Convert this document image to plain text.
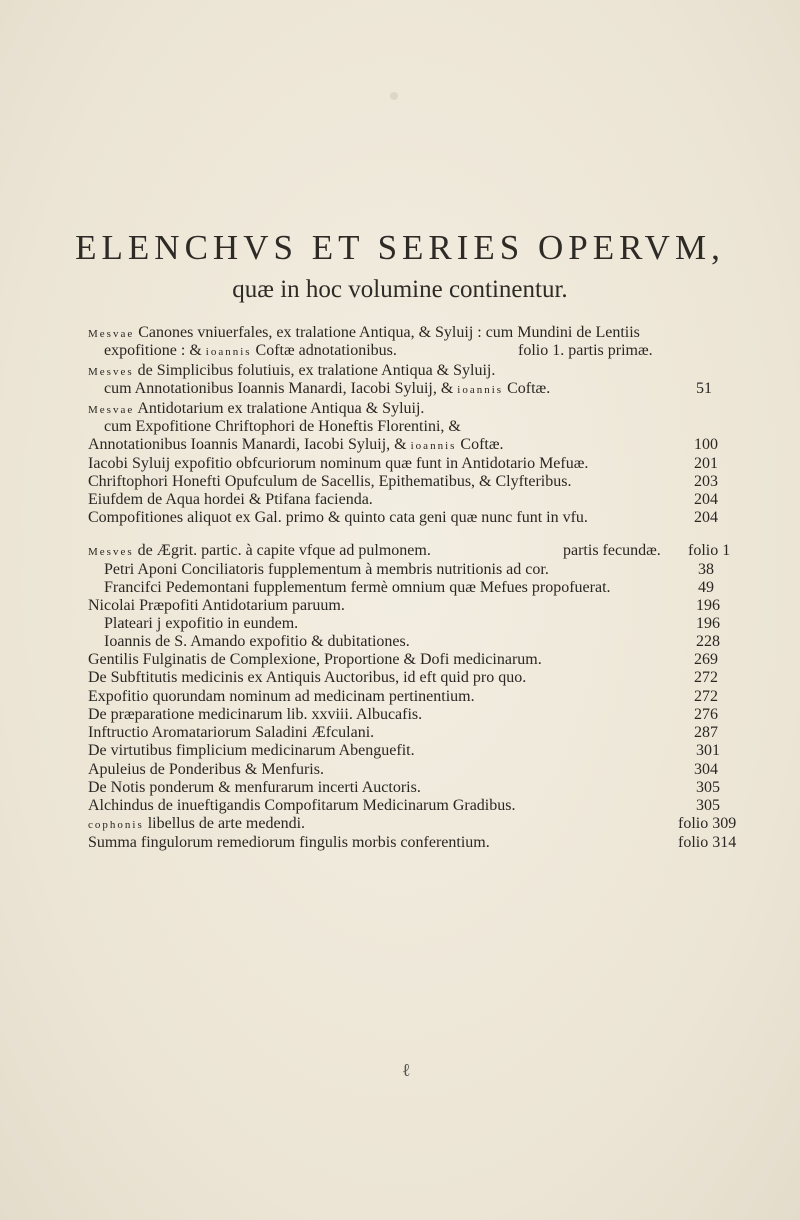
ELENCHVS ET SERIES OPERVM,
quæ in hoc volumine continentur.
Mesvae Canones vniuerfales, ex tralatione Antiqua, & Syluij : cum Mundini de Lentiis
expofitione : & ioannis Coftæ adnotationibus.	folio 1. partis primæ.
Mesves de Simplicibus folutiuis, ex tralatione Antiqua & Syluij.
cum Annotationibus Ioannis Manardi, Iacobi Syluij, & ioannis Coftæ.	51
Mesvae Antidotarium ex tralatione Antiqua & Syluij.
cum Expofitione Chriftophori de Honeftis Florentini, &
Annotationibus Ioannis Manardi, Iacobi Syluij, & ioannis Coftæ.	100
Iacobi Syluij expofitio obfcuriorum nominum quæ funt in Antidotario Mefuæ.	201
Chriftophori Honefti Opufculum de Sacellis, Epithematibus, & Clyfteribus.	203
Eiufdem de Aqua hordei & Ptifana facienda.	204
Compofitiones aliquot ex Gal. primo & quinto cata geni quæ nunc funt in vfu.	204
Mesves de Ægrit. partic. à capite vfque ad pulmonem.	partis fecundæ. folio 1
Petri Aponi Conciliatoris fupplementum à membris nutritionis ad cor.	38
Francifci Pedemontani fupplementum fermè omnium quæ Mefues propofuerat.	49
Nicolai Præpofiti Antidotarium paruum.	196
Plateari j expofitio in eundem.	196
Ioannis de S. Amando expofitio & dubitationes.	228
Gentilis Fulginatis de Complexione, Proportione & Dofi medicinarum.	269
De Subftitutis medicinis ex Antiquis Auctoribus, id eft quid pro quo.	272
Expofitio quorundam nominum ad medicinam pertinentium.	272
De præparatione medicinarum lib. xxviii. Albucafis.	276
Inftructio Aromatariorum Saladini Æfculani.	287
De virtutibus fimplicium medicinarum Abenguefit.	301
Apuleius de Ponderibus & Menfuris.	304
De Notis ponderum & menfurarum incerti Auctoris.	305
Alchindus de inueftigandis Compofitarum Medicinarum Gradibus.	305
cophonis libellus de arte medendi.	folio 309
Summa fingulorum remediorum fingulis morbis conferentium.	folio 314
ℓ
